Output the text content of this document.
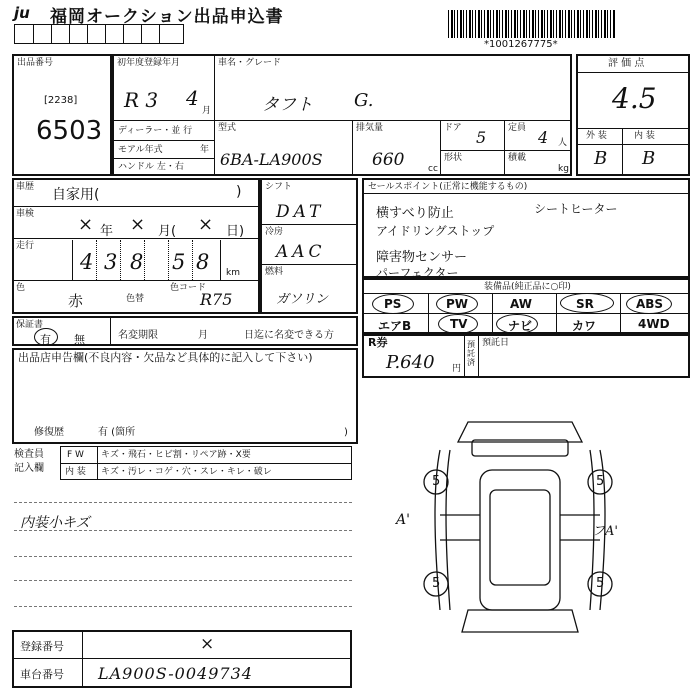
ju 福岡オークション出品申込書
*1001267775*
出品番号
[2238]
6503
初年度登録年月
R 3 4
月
ディーラー・並 行
モアル年式	年
ハンドル 左・右
車名・グレード
タフト G.
型式
6BA-LA900S
排気量
660	cc
ドア 5 定員 4 人
形状	積載
kg
評 価 点
4.5
外 装	内 装
B B
車歴 自家用(	)
車検 × 年 × 月( × 日)
走行
4 3 8 5 8 km
色
赤	色替
色コード
R75
シフト
DAT
冷房
AAC
燃料
ガソリン
セールスポイント(正常に機能するもの)
横すべり防止	シートヒーター
アイドリングストップ
障害物センサー
パーフェクター
装備品(純正品に○印)
PS	PW	AW	SR	ABS
エアB	TV	ナビ	カワ	4WD
保証書
有 無	名変期限	月	日迄に名変できる方
R券
P.640 円
預託済
預託日
出品店申告欄(不良内容・欠品など具体的に記入して下さい)
修復歴	有 (箇所	)
検査員
記入欄
F W キズ・飛石・ヒビ割・リペア跡・X要
内 装 キズ・汚レ・コゲ・穴・スレ・キレ・破レ
内装小キズ
5	5
5	5
A'
フA'
登録番号	×
車台番号 LA900S-0049734
